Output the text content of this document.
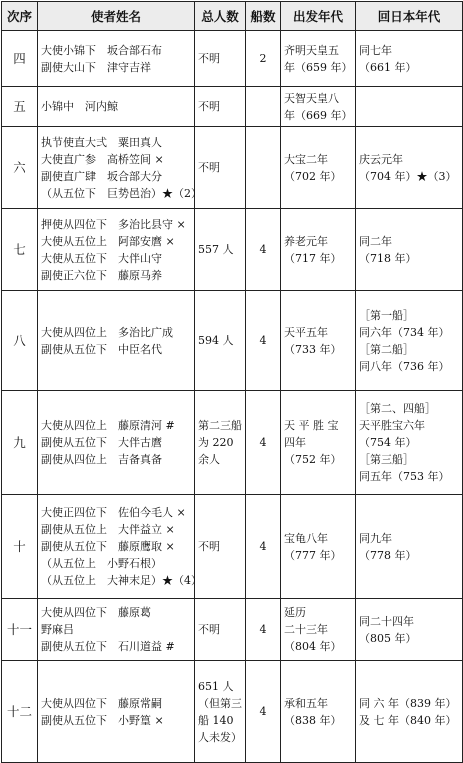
次序	使者姓名	总人数	船数	出发年代	回日本年代
四	大使小锦下　坂合部石布
副使大山下　津守吉祥	不明	2	齐明天皇五
年（659 年）	同七年
（661 年）

五	小锦中　河内鲸	不明		天智天皇八
年（669 年）	

六	执节使直大弍　粟田真人
大使直广参　高桥笠间 ×
副使直广肆　坂合部大分
（从五位下　巨势邑治）★（2）	不明		大宝二年
（702 年）	庆云元年
（704 年）★（3）

七	押使从四位下　多治比县守 ×
大使从五位上　阿部安麿 ×
大使从五位下　大伴山守
副使正六位下　藤原马养	557 人	4	养老元年
（717 年）	同二年
（718 年）

八	大使从四位上　多治比广成
副使从五位下　中臣名代	594 人	4	天平五年
（733 年）	［第一船］
同六年（734 年）
［第二船］
同八年（736 年）

九	大使从四位上　藤原清河 #
副使从五位下　大伴古麿
副使从四位上　吉备真备	第二三船为 220 余人	4	天 平 胜 宝
四年
（752 年）	［第二、四船］
天平胜宝六年
（754 年）
［第三船］
同五年（753 年）

十	大使正四位下　佐伯今毛人 ×
副使从五位上　大伴益立 ×
副使从五位下　藤原鹰取 ×
（从五位上　小野石根）
（从五位上　大神末足）★（4）	不明	4	宝龟八年
（777 年）	同九年
（778 年）

十一	大使从四位下　藤原葛
野麻吕
副使从五位下　石川道益 #	不明	4	延历
二十三年
（804 年）	同二十四年
（805 年）

十二	大使从四位下　藤原常嗣
副使从五位下　小野篁 ×	651 人（但第三船 140 人未发）	4	承和五年
（838 年）	同 六 年（839 年）及 七 年（840 年）
